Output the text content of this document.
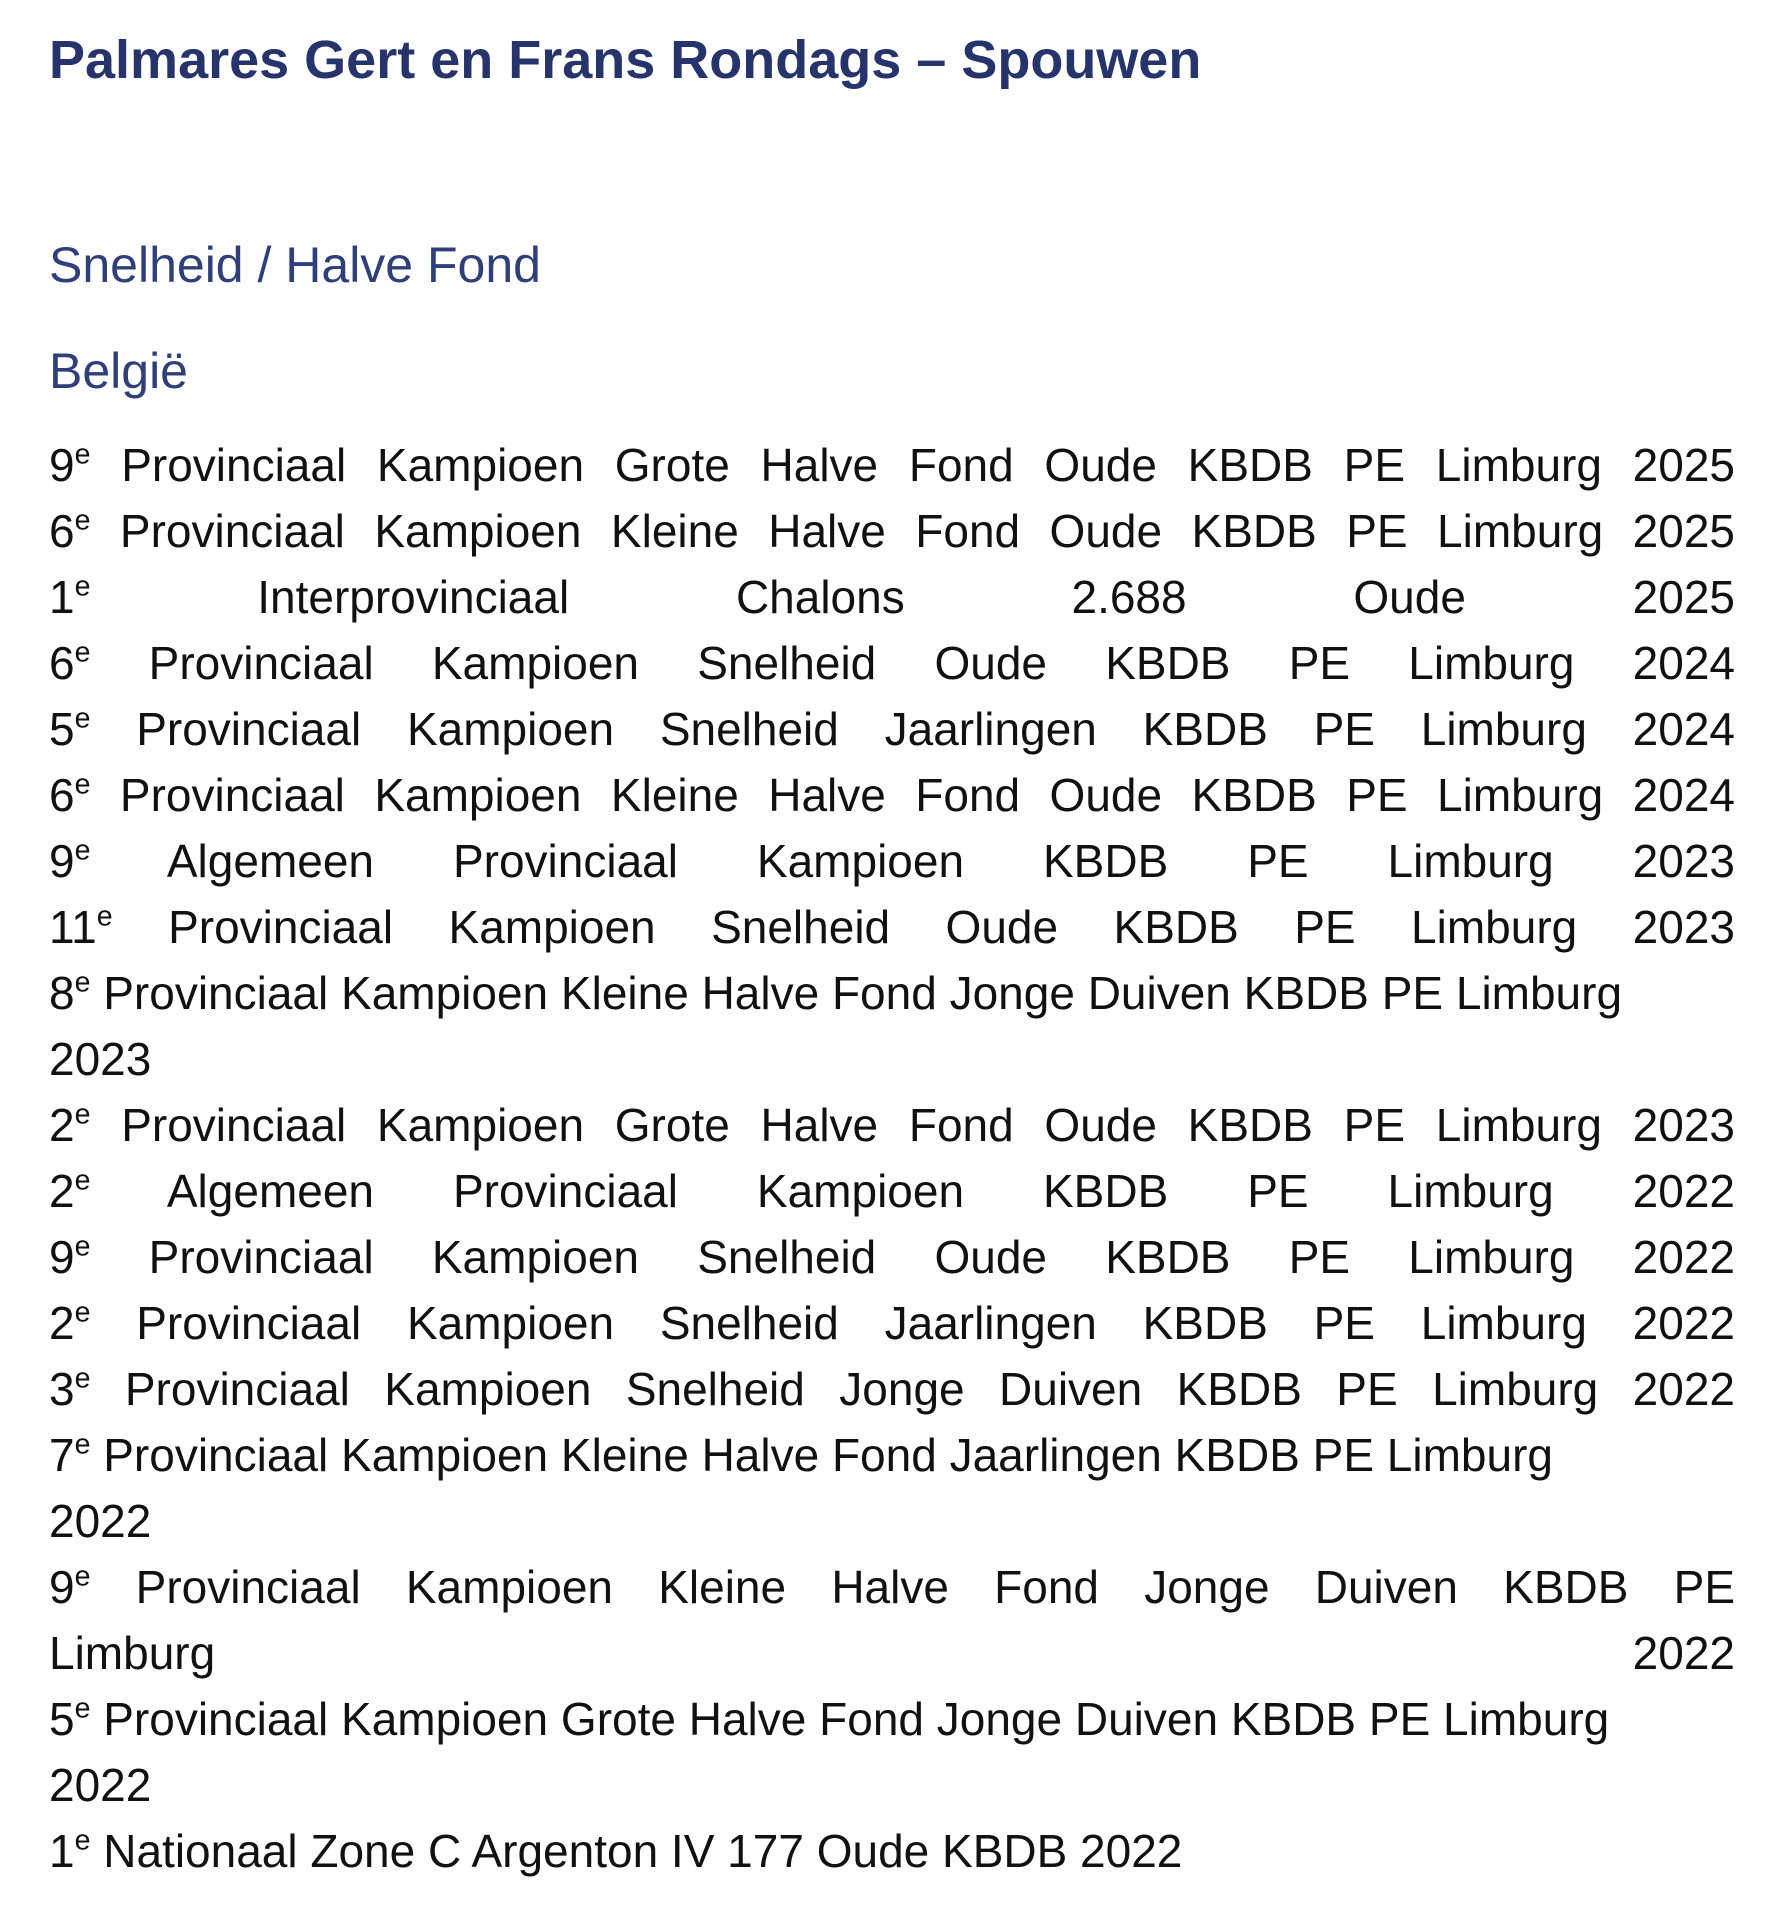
Palmares Gert en Frans Rondags – Spouwen
Snelheid / Halve Fond
België
9e Provinciaal Kampioen Grote Halve Fond Oude KBDB PE Limburg 2025
6e Provinciaal Kampioen Kleine Halve Fond Oude KBDB PE Limburg 2025
1e	Interprovinciaal Chalons 2.688 Oude 2025
6e Provinciaal Kampioen Snelheid Oude KBDB PE Limburg 2024
5e Provinciaal Kampioen Snelheid Jaarlingen KBDB PE Limburg 2024
6e Provinciaal Kampioen Kleine Halve Fond Oude KBDB PE Limburg 2024
9e Algemeen Provinciaal Kampioen KBDB PE Limburg 2023
11e Provinciaal Kampioen Snelheid Oude KBDB PE Limburg 2023
8e Provinciaal Kampioen Kleine Halve Fond Jonge Duiven KBDB PE Limburg
2023
2e Provinciaal Kampioen Grote Halve Fond Oude KBDB PE Limburg 2023
2e Algemeen Provinciaal Kampioen KBDB PE Limburg 2022
9e Provinciaal Kampioen Snelheid Oude KBDB PE Limburg 2022
2e Provinciaal Kampioen Snelheid Jaarlingen KBDB PE Limburg 2022
3e Provinciaal Kampioen Snelheid Jonge Duiven KBDB PE Limburg 2022
7e Provinciaal Kampioen Kleine Halve Fond Jaarlingen KBDB PE Limburg
2022
9e Provinciaal Kampioen Kleine Halve Fond Jonge Duiven KBDB PE
Limburg 2022
5e Provinciaal Kampioen Grote Halve Fond Jonge Duiven KBDB PE Limburg
2022
1e Nationaal Zone C Argenton IV 177 Oude KBDB 2022
